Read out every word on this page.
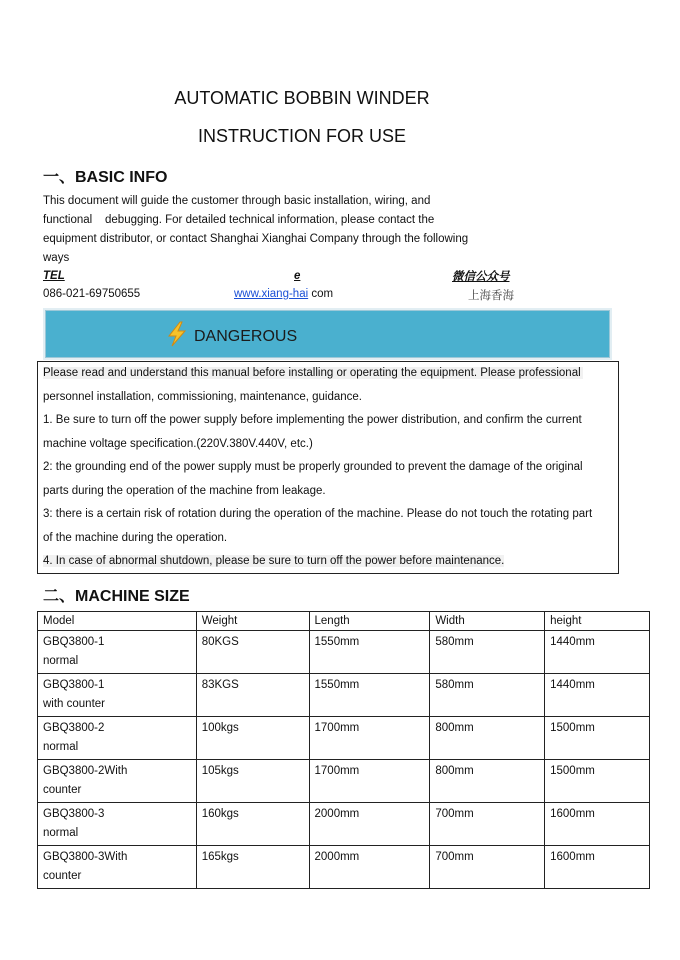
AUTOMATIC BOBBIN WINDER
INSTRUCTION FOR USE
一、BASIC INFO
This document will guide the customer through basic installation, wiring, and
functional    debugging. For detailed technical information, please contact the
equipment distributor, or contact Shanghai Xianghai Company through the following
ways
TEL
086-021-69750655
e
www.xiang-hai com
微信公众号
上海香海
DANGEROUS
Please read and understand this manual before installing or operating the equipment. Please professional
personnel installation, commissioning, maintenance, guidance.
1. Be sure to turn off the power supply before implementing the power distribution, and confirm the current
machine voltage specification.(220V.380V.440V, etc.)
2: the grounding end of the power supply must be properly grounded to prevent the damage of the original
parts during the operation of the machine from leakage.
3: there is a certain risk of rotation during the operation of the machine. Please do not touch the rotating part
of the machine during the operation.
4. In case of abnormal shutdown, please be sure to turn off the power before maintenance.
二、MACHINE SIZE
Model	Weight	Length	Width	height

GBQ3800-1
normal	80KGS	1550mm	580mm	1440mm

GBQ3800-1
with counter	83KGS	1550mm	580mm	1440mm

GBQ3800-2
normal	100kgs	1700mm	800mm	1500mm

GBQ3800-2With
counter	105kgs	1700mm	800mm	1500mm

GBQ3800-3
normal	160kgs	2000mm	700mm	1600mm

GBQ3800-3With
counter	165kgs	2000mm	700mm	1600mm
